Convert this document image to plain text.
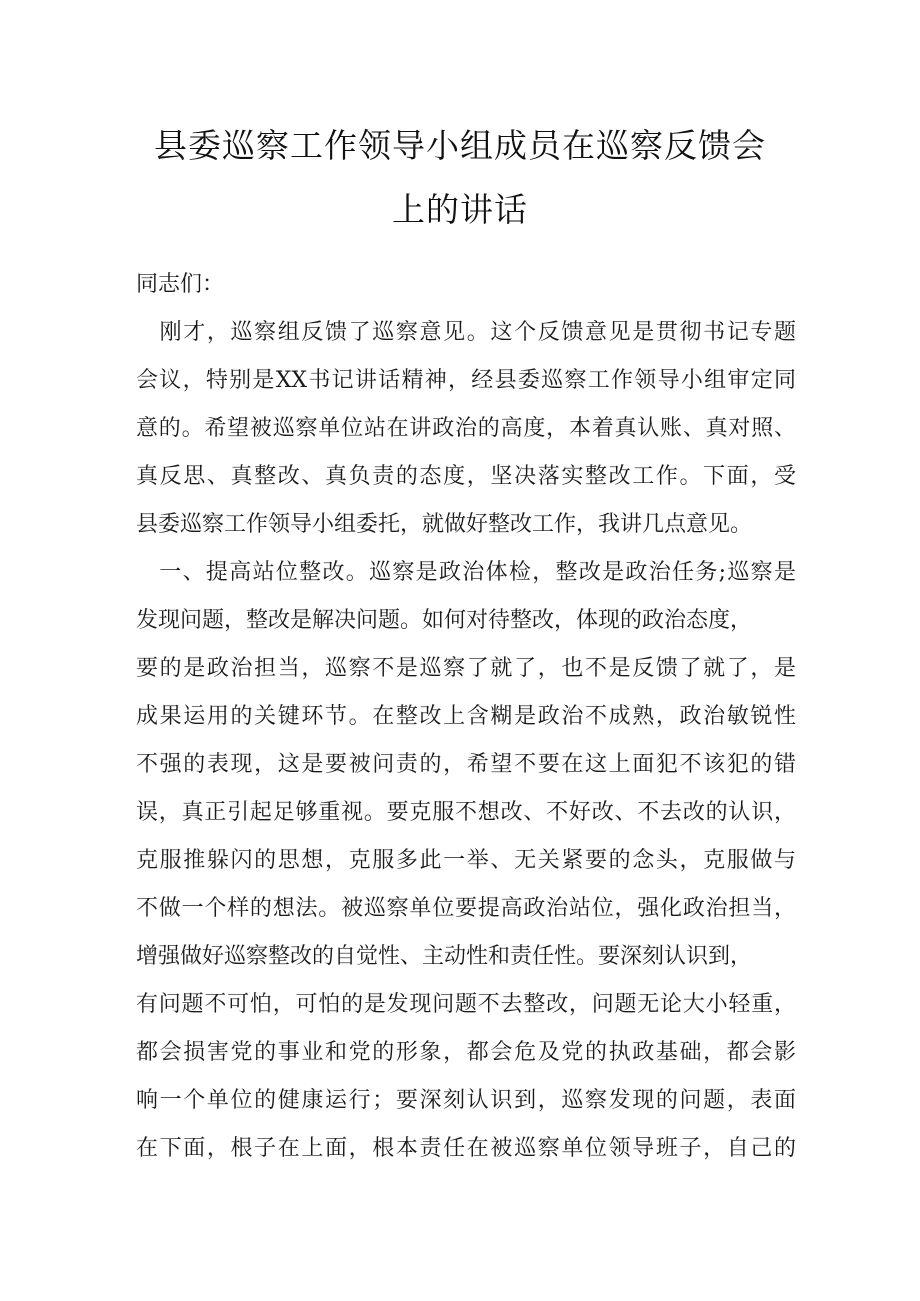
县委巡察工作领导小组成员在巡察反馈会
上的讲话

同志们：

　刚才，巡察组反馈了巡察意见。这个反馈意见是贯彻书记专题
会议，特别是XX书记讲话精神，经县委巡察工作领导小组审定同
意的。希望被巡察单位站在讲政治的高度，本着真认账、真对照、
真反思、真整改、真负责的态度，坚决落实整改工作。下面，受
县委巡察工作领导小组委托，就做好整改工作，我讲几点意见。
　一、提高站位整改。巡察是政治体检，整改是政治任务;巡察是
发现问题，整改是解决问题。如何对待整改，体现的政治态度，
要的是政治担当，巡察不是巡察了就了，也不是反馈了就了，是
成果运用的关键环节。在整改上含糊是政治不成熟，政治敏锐性
不强的表现，这是要被问责的，希望不要在这上面犯不该犯的错
误，真正引起足够重视。要克服不想改、不好改、不去改的认识，
克服推躲闪的思想，克服多此一举、无关紧要的念头，克服做与
不做一个样的想法。被巡察单位要提高政治站位，强化政治担当，
增强做好巡察整改的自觉性、主动性和责任性。要深刻认识到，
有问题不可怕，可怕的是发现问题不去整改，问题无论大小轻重，
都会损害党的事业和党的形象，都会危及党的执政基础，都会影
响一个单位的健康运行；要深刻认识到，巡察发现的问题，表面
在下面，根子在上面，根本责任在被巡察单位领导班子，自己的
